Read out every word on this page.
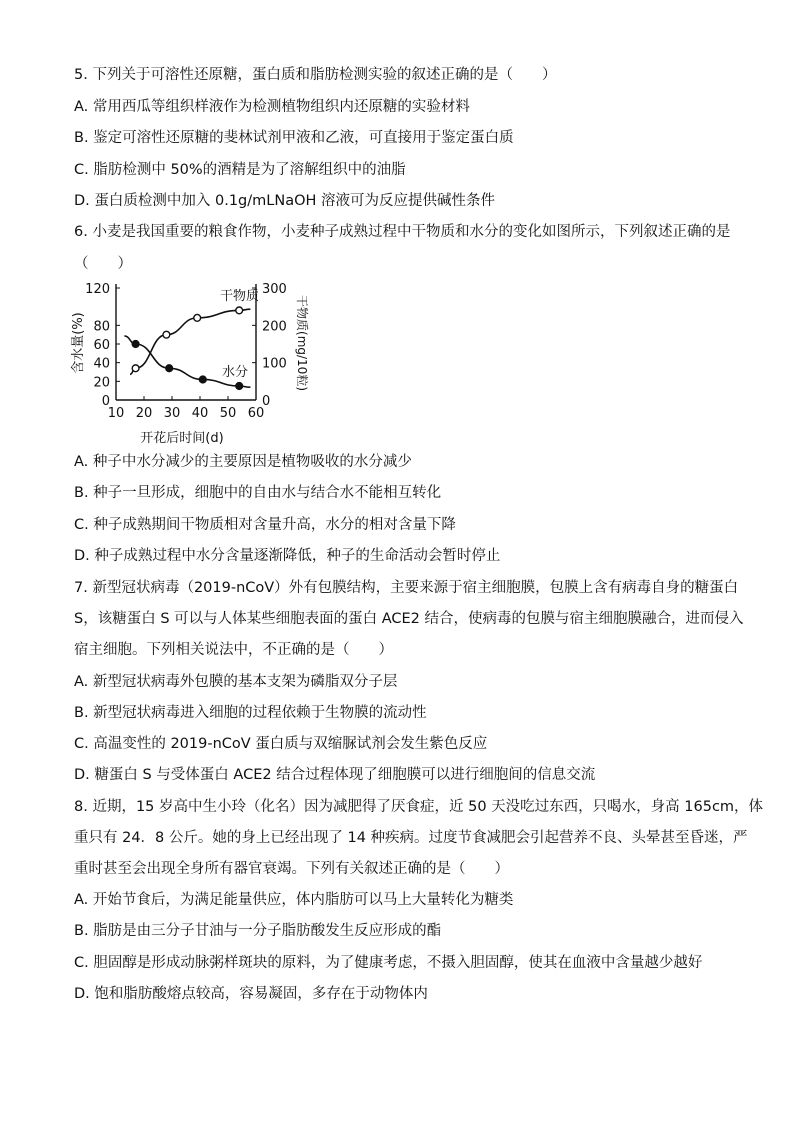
5. 下列关于可溶性还原糖，蛋白质和脂肪检测实验的叙述正确的是（　　）
A. 常用西瓜等组织样液作为检测植物组织内还原糖的实验材料
B. 鉴定可溶性还原糖的斐林试剂甲液和乙液，可直接用于鉴定蛋白质
C. 脂肪检测中 50%的酒精是为了溶解组织中的油脂
D. 蛋白质检测中加入 0.1g/mLNaOH 溶液可为反应提供碱性条件
6. 小麦是我国重要的粮食作物，小麦种子成熟过程中干物质和水分的变化如图所示，下列叙述正确的是
（　　）
10 20 30 40 50 60
0
20
40
60
80
120
0
100
200
300
含水量(%)	干物质(mg/10粒)
开花后时间(d)
干物质
水分
A. 种子中水分减少的主要原因是植物吸收的水分减少
B. 种子一旦形成，细胞中的自由水与结合水不能相互转化
C. 种子成熟期间干物质相对含量升高，水分的相对含量下降
D. 种子成熟过程中水分含量逐渐降低，种子的生命活动会暂时停止
7. 新型冠状病毒（2019-nCoV）外有包膜结构，主要来源于宿主细胞膜，包膜上含有病毒自身的糖蛋白
S，该糖蛋白 S 可以与人体某些细胞表面的蛋白 ACE2 结合，使病毒的包膜与宿主细胞膜融合，进而侵入
宿主细胞。下列相关说法中，不正确的是（　　）
A. 新型冠状病毒外包膜的基本支架为磷脂双分子层
B. 新型冠状病毒进入细胞的过程依赖于生物膜的流动性
C. 高温变性的 2019-nCoV 蛋白质与双缩脲试剂会发生紫色反应
D. 糖蛋白 S 与受体蛋白 ACE2 结合过程体现了细胞膜可以进行细胞间的信息交流
8. 近期，15 岁高中生小玲（化名）因为减肥得了厌食症，近 50 天没吃过东西，只喝水，身高 165cm，体
重只有 24．8 公斤。她的身上已经出现了 14 种疾病。过度节食减肥会引起营养不良、头晕甚至昏迷，严
重时甚至会出现全身所有器官衰竭。下列有关叙述正确的是（　　）
A. 开始节食后，为满足能量供应，体内脂肪可以马上大量转化为糖类
B. 脂肪是由三分子甘油与一分子脂肪酸发生反应形成的酯
C. 胆固醇是形成动脉粥样斑块的原料，为了健康考虑，不摄入胆固醇，使其在血液中含量越少越好
D. 饱和脂肪酸熔点较高，容易凝固，多存在于动物体内
